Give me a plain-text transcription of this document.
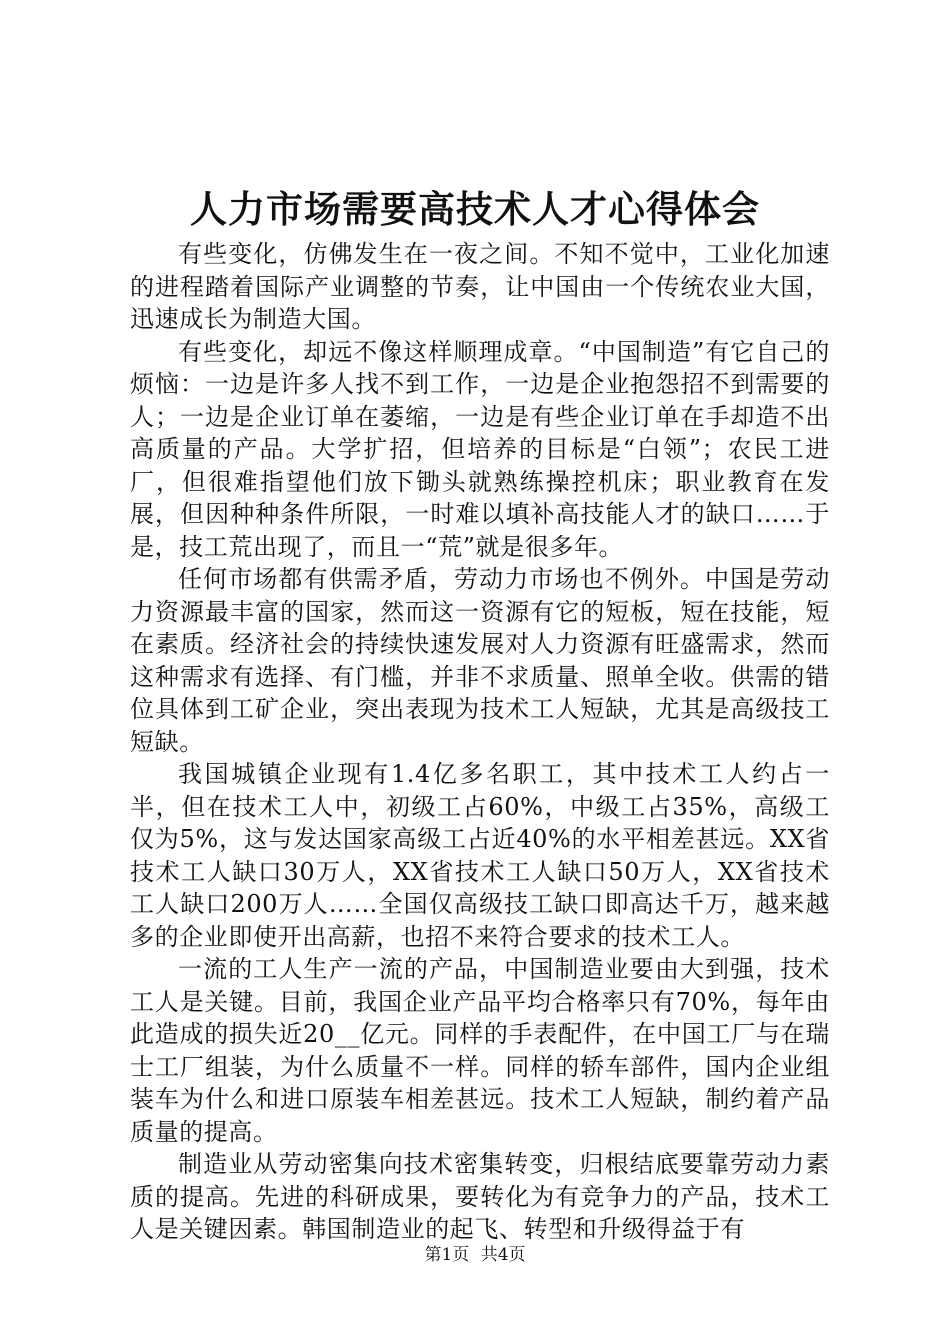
人力市场需要高技术人才心得体会

有些变化，仿佛发生在一夜之间。不知不觉中，工业化加速的进程踏着国际产业调整的节奏，让中国由一个传统农业大国，迅速成长为制造大国。

有些变化，却远不像这样顺理成章。“中国制造”有它自己的烦恼：一边是许多人找不到工作，一边是企业抱怨招不到需要的人；一边是企业订单在萎缩，一边是有些企业订单在手却造不出高质量的产品。大学扩招，但培养的目标是“白领”；农民工进厂，但很难指望他们放下锄头就熟练操控机床；职业教育在发展，但因种种条件所限，一时难以填补高技能人才的缺口……于是，技工荒出现了，而且一“荒”就是很多年。

任何市场都有供需矛盾，劳动力市场也不例外。中国是劳动力资源最丰富的国家，然而这一资源有它的短板，短在技能，短在素质。经济社会的持续快速发展对人力资源有旺盛需求，然而这种需求有选择、有门槛，并非不求质量、照单全收。供需的错位具体到工矿企业，突出表现为技术工人短缺，尤其是高级技工短缺。

我国城镇企业现有1.4亿多名职工，其中技术工人约占一半，但在技术工人中，初级工占60%，中级工占35%，高级工仅为5%，这与发达国家高级工占近40%的水平相差甚远。XX省技术工人缺口30万人，XX省技术工人缺口50万人，XX省技术工人缺口200万人……全国仅高级技工缺口即高达千万，越来越多的企业即使开出高薪，也招不来符合要求的技术工人。

一流的工人生产一流的产品，中国制造业要由大到强，技术工人是关键。目前，我国企业产品平均合格率只有70%，每年由此造成的损失近20__亿元。同样的手表配件，在中国工厂与在瑞士工厂组装，为什么质量不一样。同样的轿车部件，国内企业组装车为什么和进口原装车相差甚远。技术工人短缺，制约着产品质量的提高。

制造业从劳动密集向技术密集转变，归根结底要靠劳动力素质的提高。先进的科研成果，要转化为有竞争力的产品，技术工人是关键因素。韩国制造业的起飞、转型和升级得益于有

第1页 共4页
